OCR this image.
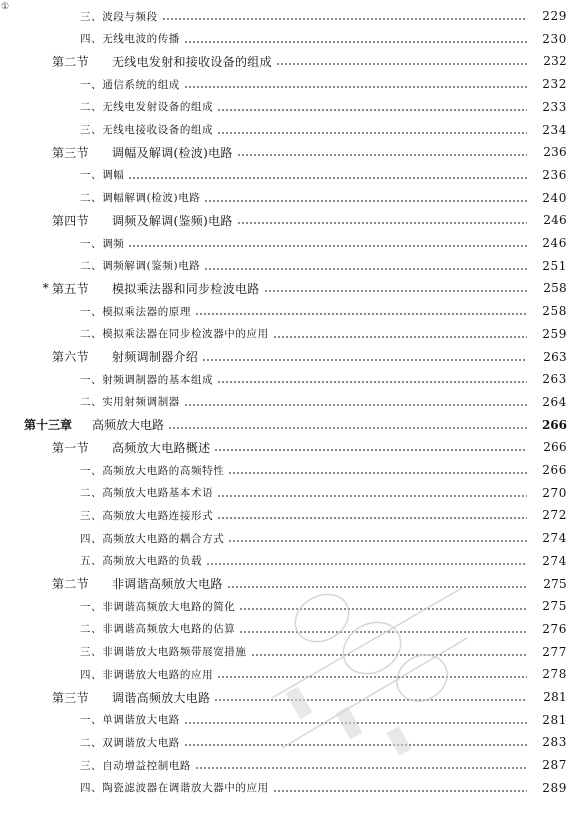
①
三、 波段与频段	229
四、 无线电波的传播	230
第二节	无线电发射和接收设备的组成	232
一、 通信系统的组成	232
二、 无线电发射设备的组成	233
三、 无线电接收设备的组成	234
第三节	调幅及解调(检波)电路	236
一、 调幅	236
二、 调幅解调(检波)电路	240
第四节	调频及解调(鉴频)电路	246
一、 调频	246
二、 调频解调(鉴频)电路	251
* 第五节	模拟乘法器和同步检波电路	258
一、 模拟乘法器的原理	258
二、 模拟乘法器在同步检波器中的应用	259
第六节	射频调制器介绍	263
一、 射频调制器的基本组成	263
二、 实用射频调制器	264
第十三章	高频放大电路	266
第一节	高频放大电路概述	266
一、 高频放大电路的高频特性	266
二、 高频放大电路基本术语	270
三、 高频放大电路连接形式	272
四、 高频放大电路的耦合方式	274
五、 高频放大电路的负载	274
第二节	非调谐高频放大电路	275
一、 非调谐高频放大电路的简化	275
二、 非调谐高频放大电路的估算	276
三、 非调谐放大电路频带展宽措施	277
四、 非调谐放大电路的应用	278
第三节	调谐高频放大电路	281
一、 单调谐放大电路	281
二、 双调谐放大电路	283
三、 自动增益控制电路	287
四、 陶瓷滤波器在调谐放大器中的应用	289
